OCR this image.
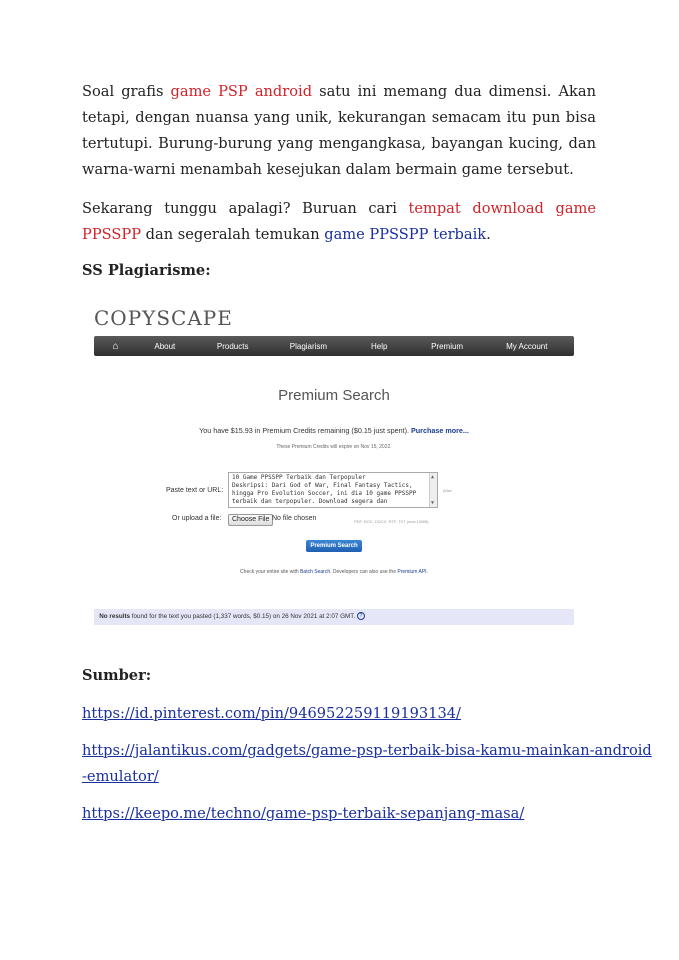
Soal grafis game PSP android satu ini memang dua dimensi. Akan tetapi, dengan nuansa yang unik, kekurangan semacam itu pun bisa tertutupi. Burung-burung yang mengangkasa, bayangan kucing, dan warna-warni menambah kesejukan dalam bermain game tersebut.

Sekarang tunggu apalagi? Buruan cari tempat download game PPSSPP dan segeralah temukan game PPSSPP terbaik.

SS Plagiarisme:

COPYSCAPE
⌂	About	Products	Plagiarism	Help	Premium	My Account
Premium Search
You have $15.93 in Premium Credits remaining ($0.15 just spent). Purchase more...
These Premium Credits will expire on Nov 15, 2022.
Paste text or URL:
10 Game PPSSPP Terbaik dan Terpopuler
Deskripsi: Dari God of War, Final Fantasy Tactics,
hingga Pro Evolution Soccer, ini dia 10 game PPSSPP
terbaik dan terpopuler. Download segera dan

▲
▼

(Max
Or upload a file:	Choose File No file chosen	PDF, DOC, DOCX, RTF, TXT (max 10MB)
Premium Search
Check your entire site with Batch Search. Developers can also use the Premium API.
No results found for the text you pasted (1,337 words, $0.15) on 26 Nov 2021 at 2:07 GMT. ?

Sumber:

https://id.pinterest.com/pin/946952259119193134/

https://jalantikus.com/gadgets/game-psp-terbaik-bisa-kamu-mainkan-android

-emulator/

https://keepo.me/techno/game-psp-terbaik-sepanjang-masa/
